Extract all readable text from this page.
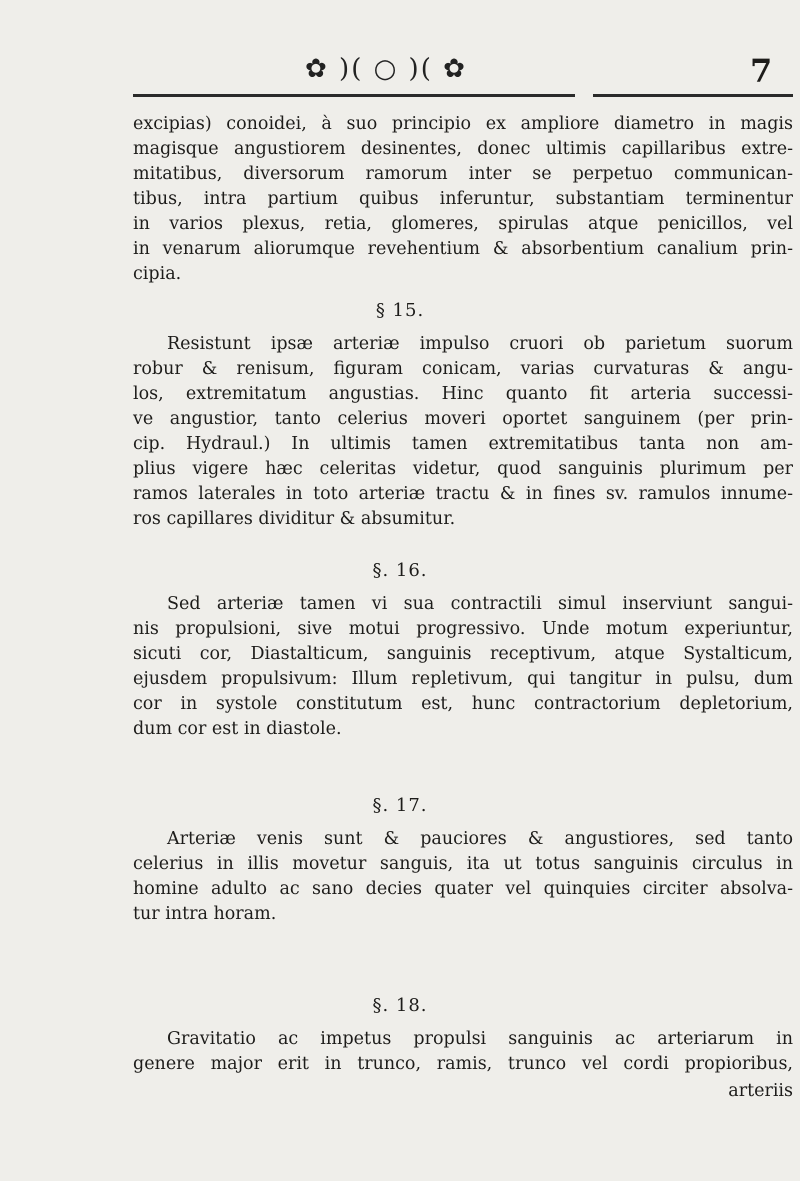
✿ )( ○ )( ✿	7
excipias) conoidei, à suo principio ex ampliore diametro in magis
magisque angustiorem desinentes, donec ultimis capillaribus extre-
mitatibus, diversorum ramorum inter se perpetuo communican-
tibus, intra partium quibus inferuntur, substantiam terminentur
in varios plexus, retia, glomeres, spirulas atque penicillos, vel
in venarum aliorumque revehentium & absorbentium canalium prin-
cipia.
§ 15.
Resistunt ipsæ arteriæ impulso cruori ob parietum suorum
robur & renisum, figuram conicam, varias curvaturas & angu-
los, extremitatum angustias. Hinc quanto fit arteria successi-
ve angustior, tanto celerius moveri oportet sanguinem (per prin-
cip. Hydraul.) In ultimis tamen extremitatibus tanta non am-
plius vigere hæc celeritas videtur, quod sanguinis plurimum per
ramos laterales in toto arteriæ tractu & in fines sv. ramulos innume-
ros capillares dividitur & absumitur.
§. 16.
Sed arteriæ tamen vi sua contractili simul inserviunt sangui-
nis propulsioni, sive motui progressivo. Unde motum experiuntur,
sicuti cor, Diastalticum, sanguinis receptivum, atque Systalticum,
ejusdem propulsivum: Illum repletivum, qui tangitur in pulsu, dum
cor in systole constitutum est, hunc contractorium depletorium,
dum cor est in diastole.
§. 17.
Arteriæ venis sunt & pauciores & angustiores, sed tanto
celerius in illis movetur sanguis, ita ut totus sanguinis circulus in
homine adulto ac sano decies quater vel quinquies circiter absolva-
tur intra horam.
§. 18.
Gravitatio ac impetus propulsi sanguinis ac arteriarum in
genere major erit in trunco, ramis, trunco vel cordi propioribus,
arteriis
